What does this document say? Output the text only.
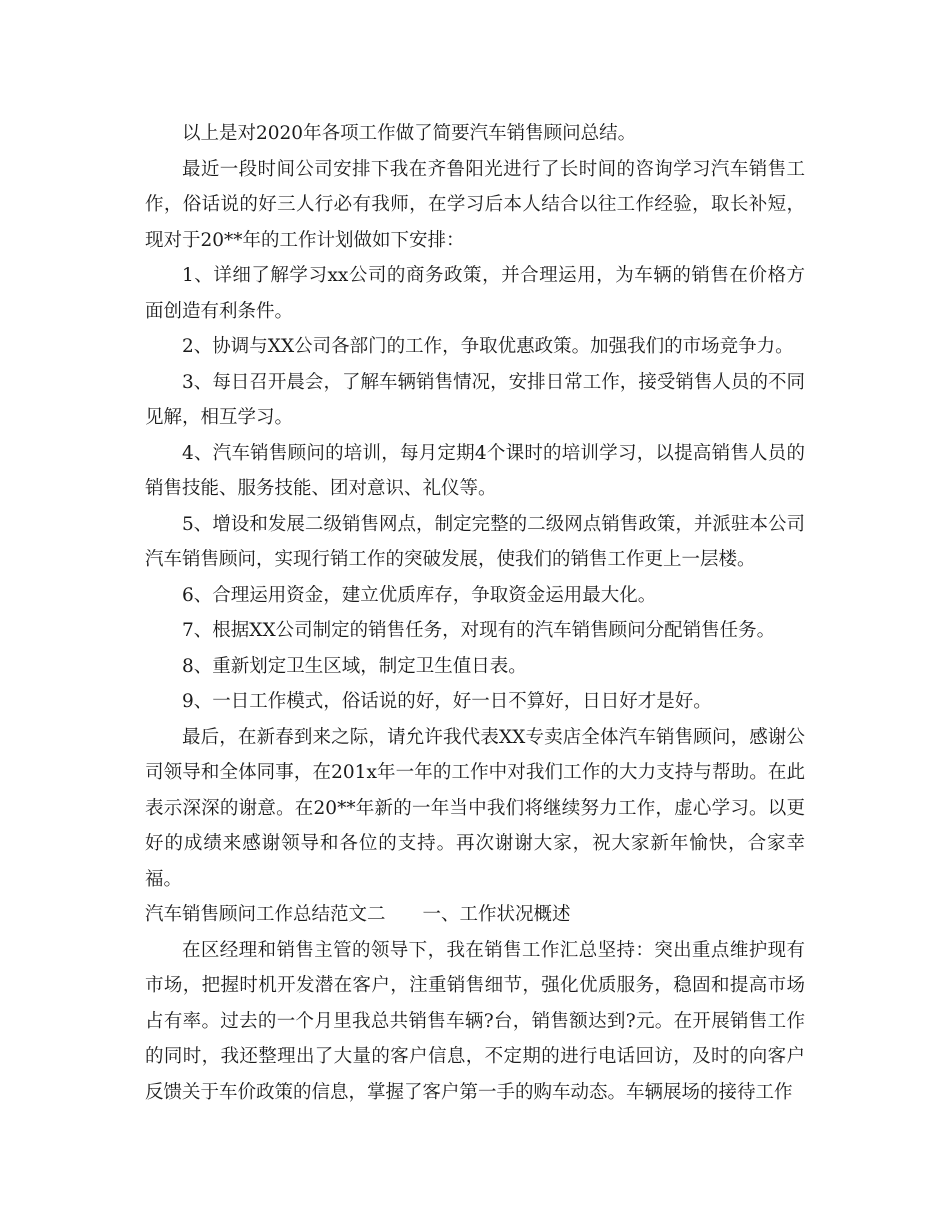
以上是对2020年各项工作做了简要汽车销售顾问总结。

最近一段时间公司安排下我在齐鲁阳光进行了长时间的咨询学习汽车销售工作，俗话说的好三人行必有我师，在学习后本人结合以往工作经验，取长补短，现对于20**年的工作计划做如下安排：

1、详细了解学习xx公司的商务政策，并合理运用，为车辆的销售在价格方面创造有利条件。

2、协调与XX公司各部门的工作，争取优惠政策。加强我们的市场竞争力。

3、每日召开晨会，了解车辆销售情况，安排日常工作，接受销售人员的不同见解，相互学习。

4、汽车销售顾问的培训，每月定期4个课时的培训学习，以提高销售人员的销售技能、服务技能、团对意识、礼仪等。

5、增设和发展二级销售网点，制定完整的二级网点销售政策，并派驻本公司汽车销售顾问，实现行销工作的突破发展，使我们的销售工作更上一层楼。

6、合理运用资金，建立优质库存，争取资金运用最大化。

7、根据XX公司制定的销售任务，对现有的汽车销售顾问分配销售任务。

8、重新划定卫生区域，制定卫生值日表。

9、一日工作模式，俗话说的好，好一日不算好，日日好才是好。

最后，在新春到来之际，请允许我代表XX专卖店全体汽车销售顾问，感谢公司领导和全体同事，在201x年一年的工作中对我们工作的大力支持与帮助。在此表示深深的谢意。在20**年新的一年当中我们将继续努力工作，虚心学习。以更好的成绩来感谢领导和各位的支持。再次谢谢大家，祝大家新年愉快，合家幸福。

汽车销售顾问工作总结范文二　　一、工作状况概述

在区经理和销售主管的领导下，我在销售工作汇总坚持：突出重点维护现有市场，把握时机开发潜在客户，注重销售细节，强化优质服务，稳固和提高市场占有率。过去的一个月里我总共销售车辆?台，销售额达到?元。在开展销售工作的同时，我还整理出了大量的客户信息，不定期的进行电话回访，及时的向客户反馈关于车价政策的信息，掌握了客户第一手的购车动态。车辆展场的接待工作
